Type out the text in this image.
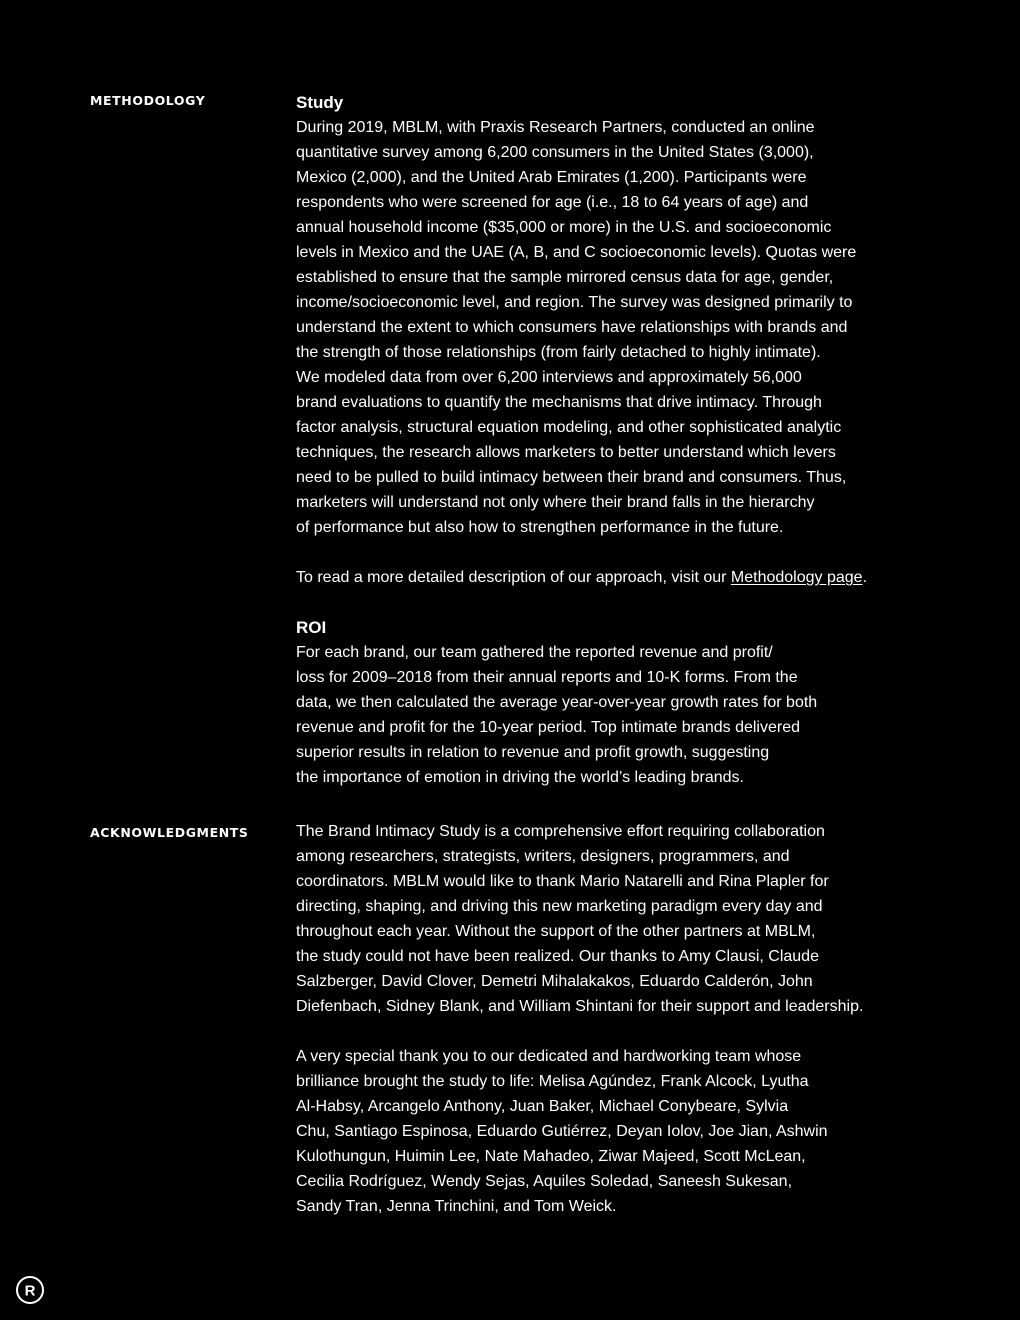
METHODOLOGY	Study
During 2019, MBLM, with Praxis Research Partners, conducted an online
quantitative survey among 6,200 consumers in the United States (3,000),
Mexico (2,000), and the United Arab Emirates (1,200). Participants were
respondents who were screened for age (i.e., 18 to 64 years of age) and
annual household income ($35,000 or more) in the U.S. and socioeconomic
levels in Mexico and the UAE (A, B, and C socioeconomic levels). Quotas were
established to ensure that the sample mirrored census data for age, gender,
income/socioeconomic level, and region. The survey was designed primarily to
understand the extent to which consumers have relationships with brands and
the strength of those relationships (from fairly detached to highly intimate).
We modeled data from over 6,200 interviews and approximately 56,000
brand evaluations to quantify the mechanisms that drive intimacy. Through
factor analysis, structural equation modeling, and other sophisticated analytic
techniques, the research allows marketers to better understand which levers
need to be pulled to build intimacy between their brand and consumers. Thus,
marketers will understand not only where their brand falls in the hierarchy
of performance but also how to strengthen performance in the future.
To read a more detailed description of our approach, visit our Methodology page.
ROI
For each brand, our team gathered the reported revenue and profit/
loss for 2009–2018 from their annual reports and 10-K forms. From the
data, we then calculated the average year-over-year growth rates for both
revenue and profit for the 10-year period. Top intimate brands delivered
superior results in relation to revenue and profit growth, suggesting
the importance of emotion in driving the world’s leading brands.
ACKNOWLEDGMENTS	The Brand Intimacy Study is a comprehensive effort requiring collaboration
among researchers, strategists, writers, designers, programmers, and
coordinators. MBLM would like to thank Mario Natarelli and Rina Plapler for
directing, shaping, and driving this new marketing paradigm every day and
throughout each year. Without the support of the other partners at MBLM,
the study could not have been realized. Our thanks to Amy Clausi, Claude
Salzberger, David Clover, Demetri Mihalakakos, Eduardo Calderón, John
Diefenbach, Sidney Blank, and William Shintani for their support and leadership.
A very special thank you to our dedicated and hardworking team whose
brilliance brought the study to life: Melisa Agúndez, Frank Alcock, Lyutha
Al-Habsy, Arcangelo Anthony, Juan Baker, Michael Conybeare, Sylvia
Chu, Santiago Espinosa, Eduardo Gutiérrez, Deyan Iolov, Joe Jian, Ashwin
Kulothungun, Huimin Lee, Nate Mahadeo, Ziwar Majeed, Scott McLean,
Cecilia Rodríguez, Wendy Sejas, Aquiles Soledad, Saneesh Sukesan,
Sandy Tran, Jenna Trinchini, and Tom Weick.
R
